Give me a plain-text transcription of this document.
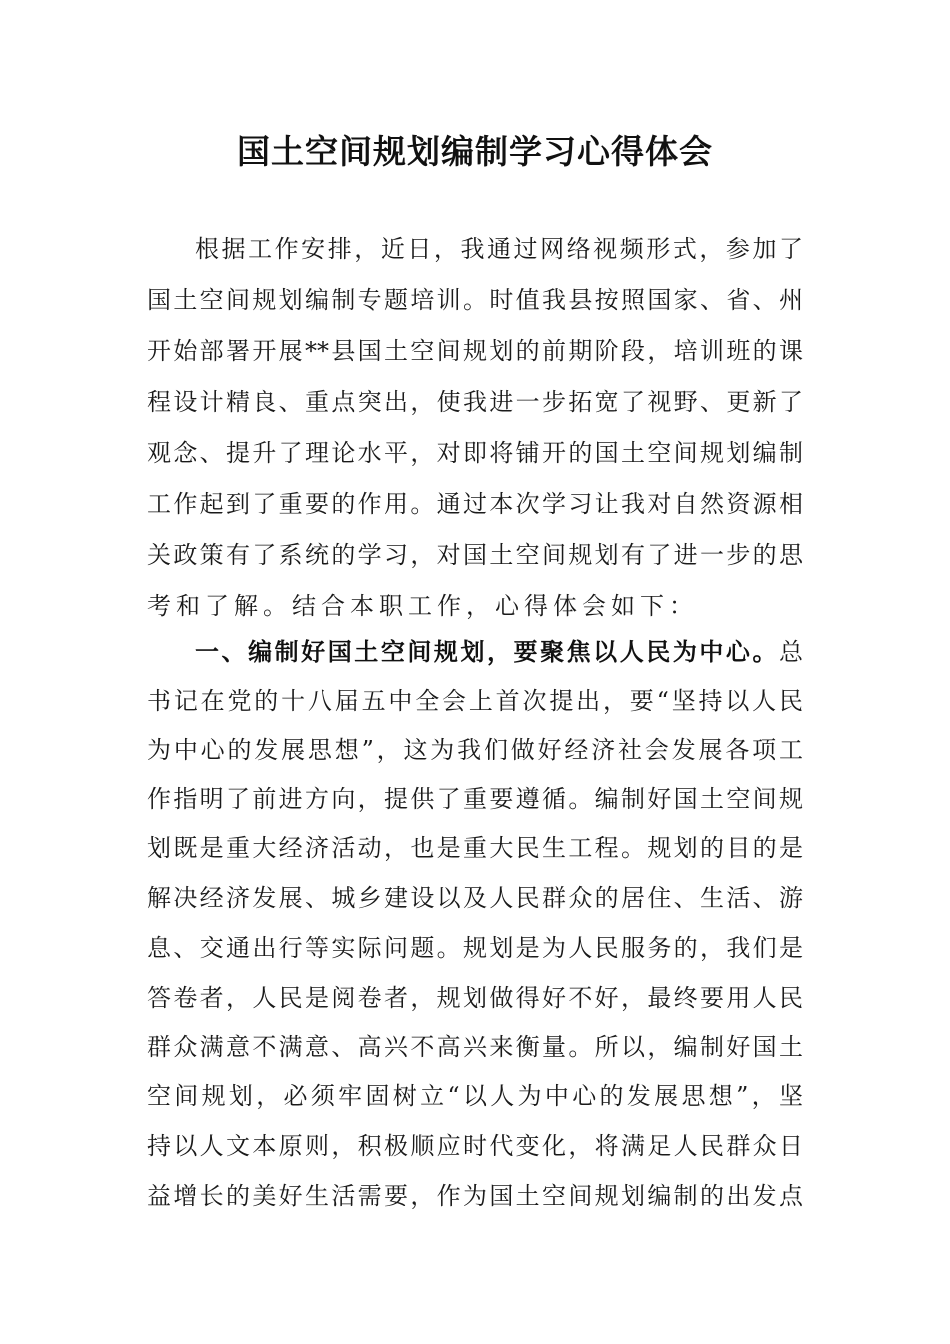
国土空间规划编制学习心得体会
根据工作安排，近日，我通过网络视频形式，参加了
国土空间规划编制专题培训。时值我县按照国家、省、州
开始部署开展**县国土空间规划的前期阶段，培训班的课
程设计精良、重点突出，使我进一步拓宽了视野、更新了
观念、提升了理论水平，对即将铺开的国土空间规划编制
工作起到了重要的作用。通过本次学习让我对自然资源相
关政策有了系统的学习，对国土空间规划有了进一步的思
考和了解。结合本职工作，心得体会如下：
一、编制好国土空间规划，要聚焦以人民为中心。总
书记在党的十八届五中全会上首次提出，要“坚持以人民
为中心的发展思想”，这为我们做好经济社会发展各项工
作指明了前进方向，提供了重要遵循。编制好国土空间规
划既是重大经济活动，也是重大民生工程。规划的目的是
解决经济发展、城乡建设以及人民群众的居住、生活、游
息、交通出行等实际问题。规划是为人民服务的，我们是
答卷者，人民是阅卷者，规划做得好不好，最终要用人民
群众满意不满意、高兴不高兴来衡量。所以，编制好国土
空间规划，必须牢固树立“以人为中心的发展思想”，坚
持以人文本原则，积极顺应时代变化，将满足人民群众日
益增长的美好生活需要，作为国土空间规划编制的出发点
